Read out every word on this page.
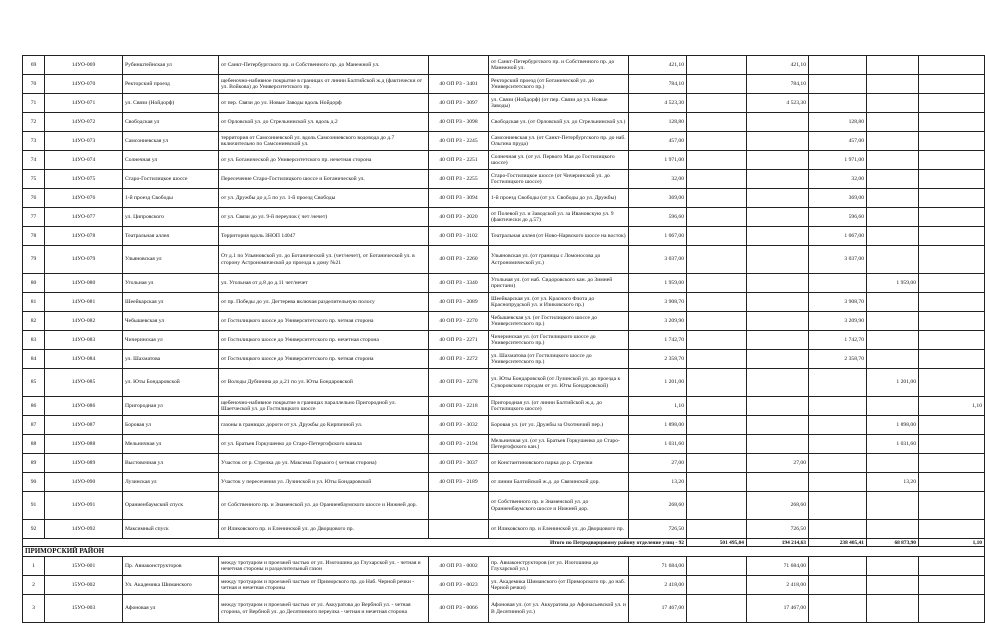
69	14УО-069	Рубинштейнская ул	от Санкт-Петербургского пр. и Собственного пр. до Манежной ул.		от Санкт-Петербургского пр. и Собственного пр. до Манежной ул.	421,10		421,10			
70	14УО-070	Ректорский проезд	щебеночно-набивное покрытие в границах от линии Балтийской ж.д (фактически от ул. Войкова) до Университетского пр.	40 ОП РЗ - 3401	Ректорский проезд (от Ботанической ул. до Университетского пр.)	784,10		784,10			
71	14УО-071	ул. Связи (Нойдорф)	от пер. Связи до ул. Новые Заводы вдоль Нойдорф	40 ОП РЗ - 3097	ул. Связи (Нойдорф) (от пер. Связи до ул. Новые Заводы)	4 523,30		4 523,30			
72	14УО-072	Свободская ул	от Орловской ул. до Стрельнинской ул. вдоль д.2	40 ОП РЗ - 3098	Свободская ул. (от Орловской ул. до Стрельнинской ул.)	128,80			128,80		
73	14УО-073	Самсониевская ул	территория от Самсониевской ул. вдоль Самсониевского водовода до д.7 включительно по Самсониевской ул.	40 ОП РЗ - 2245	Самсониевская ул. (от Санкт-Петербургского пр. до наб. Ольгина пруда)	457,00			457,00		
74	14УО-074	Солнечная ул	от ул. Ботанической до Университетского пр. нечетная сторона	40 ОП РЗ - 2251	Солнечная ул. (от ул. Первого Мая до Гостилицкого шоссе)	1 971,00			1 971,00		
75	14УО-075	Старо-Гостилицкое шоссе	Пересечение Старо-Гостилицкого шоссе и Ботанической ул.	40 ОП РЗ - 2255	Старо-Гостилицкое шоссе (от Чичеринской ул. до Гостилицкого шоссе)	32,00			32,00		
76	14УО-076	1-й проезд Свободы	от ул. Дружбы до д.5 по ул. 1-й проезд Свободы	40 ОП РЗ - 3094	1-й проезд Свободы (от ул. Свободы до ул. Дружбы)	369,00			369,00		
77	14УО-077	ул. Ципровского	от ул. Связи до ул. 9-й переулок ( чет /нечет)	40 ОП РЗ - 2020	от Полевой ул. и Заводской ул. за Ивановскую ул. 9 (фактически до д.57)	596,60			596,60		
78	14УО-078	Театральная аллея	Территория вдоль ЗНОП 14047	40 ОП РЗ - 3102	Театральная аллея (от Ново-Нарвского шоссе на восток)	1 067,00			1 067,00		
79	14УО-079	Ульяновская ул	От д.1 по Ульяновской ул. до Ботанической ул. (чет/нечет), от Ботанической ул. в сторону Астрономической до проезда к дому №21	40 ОП РЗ - 2260	Ульяновская ул. (от границы с Ломоносова до Астрономической ул.)	3 037,00			3 037,00		
80	14УО-080	Угольная ул	ул. Угольная от д.8 до д.11 чет/нечет	40 ОП РЗ - 3340	Угольная ул. (от наб. Сидоровского кан. до Зимней пристани)	1 959,00				1 959,00	
81	14УО-081	Шеейкарская ул	от пр. Победы до ул. Дегтерева включая разделительную полосу	40 ОП РЗ - 2089	Шеейкарская ул. (от ул. Красного Флота до Краснопрудской ул. и Изиковского пр.)	3 908,70			3 908,70		
82	14УО-082	Чебышевская ул	от Гостилицкого шоссе до Университетского пр. четная сторона	40 ОП РЗ - 2270	Чебышевская ул. (от Гостилицкого шоссе до Университетского пр.)	3 209,90			3 209,90		
83	14УО-083	Чичеринская ул	от Гостилицкого шоссе до Университетского пр. нечетная сторона	40 ОП РЗ - 2271	Чичеринская ул. (от Гостилицкого шоссе до Университетского пр.)	1 742,70			1 742,70		
84	14УО-084	ул. Шахматова	от Гостилицкого шоссе до Университетского пр. четная сторона	40 ОП РЗ - 2272	ул. Шахматова (от Гостилицкого шоссе до Университетского пр.)	2 358,70			2 358,70		
85	14УО-085	ул. Юты Бондаровской	от Володы Дубинина до д.21 по ул. Юты Бондаровской	40 ОП РЗ - 2278	ул. Юты Бондаровской (от Лузинской ул. до проезда к Суворовским городам от ул. Юты Бондаровской)	1 201,00				1 201,00	
86	14УО-086	Пригородная ул	щебеночно-набивное покрытие в границах параллельно Пригородной ул. Шаетческой ул. до Гостилицкого шоссе	40 ОП РЗ - 2218	Пригородная ул. (от линии Балтийской ж.д. до Гостилицкого шоссе)	1,10					1,10
87	14УО-087	Боровая ул	газоны в границах дороги от ул. Дружбы до Кирпичной ул.	40 ОП РЗ - 3032	Боровая ул. (от ул. Дружбы за Охотничий пер.)	1 898,00				1 898,00	
88	14УО-088	Мельничная ул	от ул. Братьев Горкушенко до Старо-Петергофского канала	40 ОП РЗ - 2194	Мельничная ул. (от ул. Братьев Горкушенко до Старо-Петергофского кан.)	1 031,60				1 031,60	
89	14УО-089	Выстовочная ул	Участок от р. Стрелка до ул. Максима Горького ( четная сторона)	40 ОП РЗ - 3037	от Константиновского парка до р. Стрелки	27,00		27,00			
90	14УО-090	Лузинская ул	Участок у пересечения ул. Лузинской и ул. Юты Бондаровской	40 ОП РЗ - 2189	от линии Балтийской ж.д. до Связинской дор.	13,20				13,20	
91	14УО-091	Ораниенбаумский спуск	от Собственного пр. и Знаменской ул. до Ораниенбаумского шоссе и Нижней дор.		от Собственного пр. и Знаменской ул. до Ораниенбаумского шоссе и Нижней дор.	268,60		268,60			
92	14УО-092	Максимный спуск	от Иликовского пр. и Еленинской ул. до Дворцового пр.		от Иликовского пр. и Еленинской ул. до Дворцового пр.	726,50		726,50			
Итого по Петродворцовому району отделение улиц - 92							501 495,04	194 214,63	238 405,41	68 873,90	1,10
ПРИМОРСКИЙ РАЙОН											
1	15УО-001	Пр. Авиаконструкторов	между тротуаром и проезжей частью от ул. Изогошина до Глухарской ул. - четная и нечетная стороны и разделительный газон	40 ОП РЗ - 0002	пр. Авиаконструкторов (от ул. Изогошина до Глухарской ул.)	71 684,00		71 684,00			
2	15УО-002	Ул. Академика Шиманского	между тротуаром и проезжей частью от Приморского пр. до Наб. Черной речки - четная и нечетная стороны	40 ОП РЗ - 0023	ул. Академика Шиманского (от Приморского пр. до наб. Черной речки)	2 418,00		2 418,00			
3	15УО-003	Афоновая ул	между тротуаром и проезжей частью от ул. Аккуратова до Вербной ул. - четная сторона, от Вербной ул. до Десятинного переулка - четная и нечетная сторона	40 ОП РЗ - 0066	Афоновая ул. (от ул. Аккуратова до Афонасьевской ул. и В Десятинной ул.)	17 467,00		17 467,00			
